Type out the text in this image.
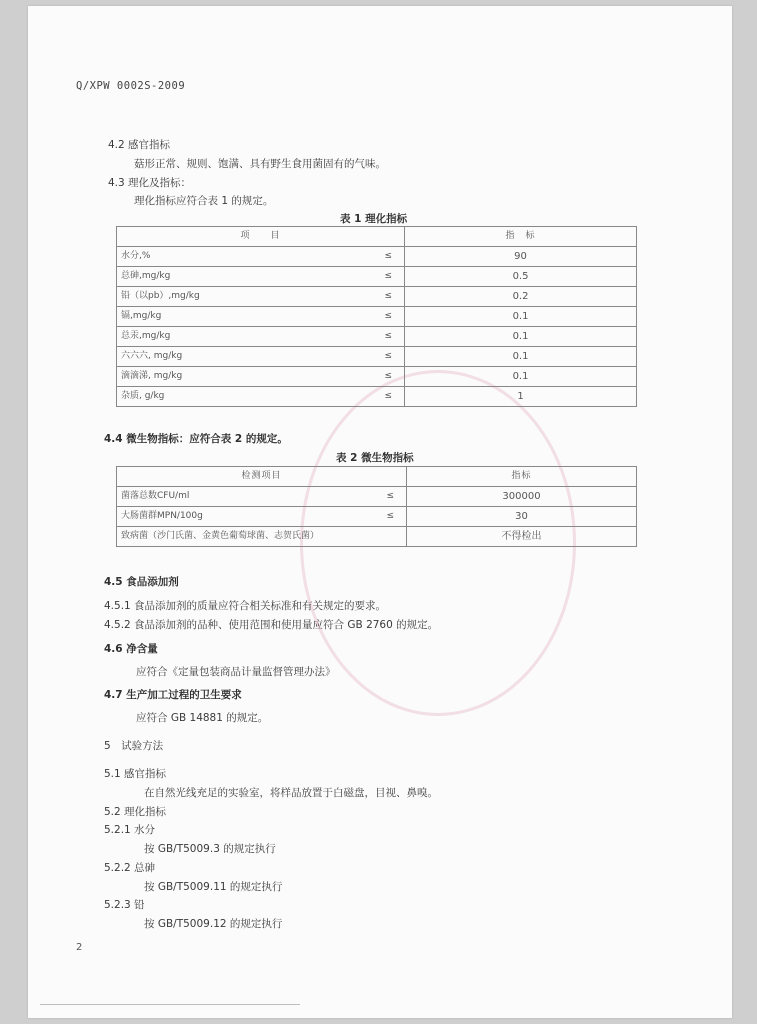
Q/XPW 0002S-2009
4.2 感官指标
菇形正常、规则、饱满、具有野生食用菌固有的气味。
4.3 理化及指标：
理化指标应符合表 1 的规定。
表 1 理化指标
项　　目		指　标
水分,%	≤	90
总砷,mg/kg	≤	0.5
铅（以pb）,mg/kg	≤	0.2
镉,mg/kg	≤	0.1
总汞,mg/kg	≤	0.1
六六六, mg/kg	≤	0.1
滴滴涕, mg/kg	≤	0.1
杂质, g/kg	≤	1
4.4 微生物指标：应符合表 2 的规定。
表 2 微生物指标
检测项目		指标
菌落总数CFU/ml	≤	300000
大肠菌群MPN/100g	≤	30
致病菌（沙门氏菌、金黄色葡萄球菌、志贺氏菌）		不得检出
4.5 食品添加剂
4.5.1 食品添加剂的质量应符合相关标准和有关规定的要求。
4.5.2 食品添加剂的品种、使用范围和使用量应符合 GB 2760 的规定。
4.6 净含量
应符合《定量包装商品计量监督管理办法》
4.7 生产加工过程的卫生要求
应符合 GB 14881 的规定。
5　试验方法
5.1 感官指标
在自然光线充足的实验室，将样品放置于白磁盘，目视、鼻嗅。
5.2 理化指标
5.2.1 水分
按 GB/T5009.3 的规定执行
5.2.2 总砷
按 GB/T5009.11 的规定执行
5.2.3 铅
按 GB/T5009.12 的规定执行
2
